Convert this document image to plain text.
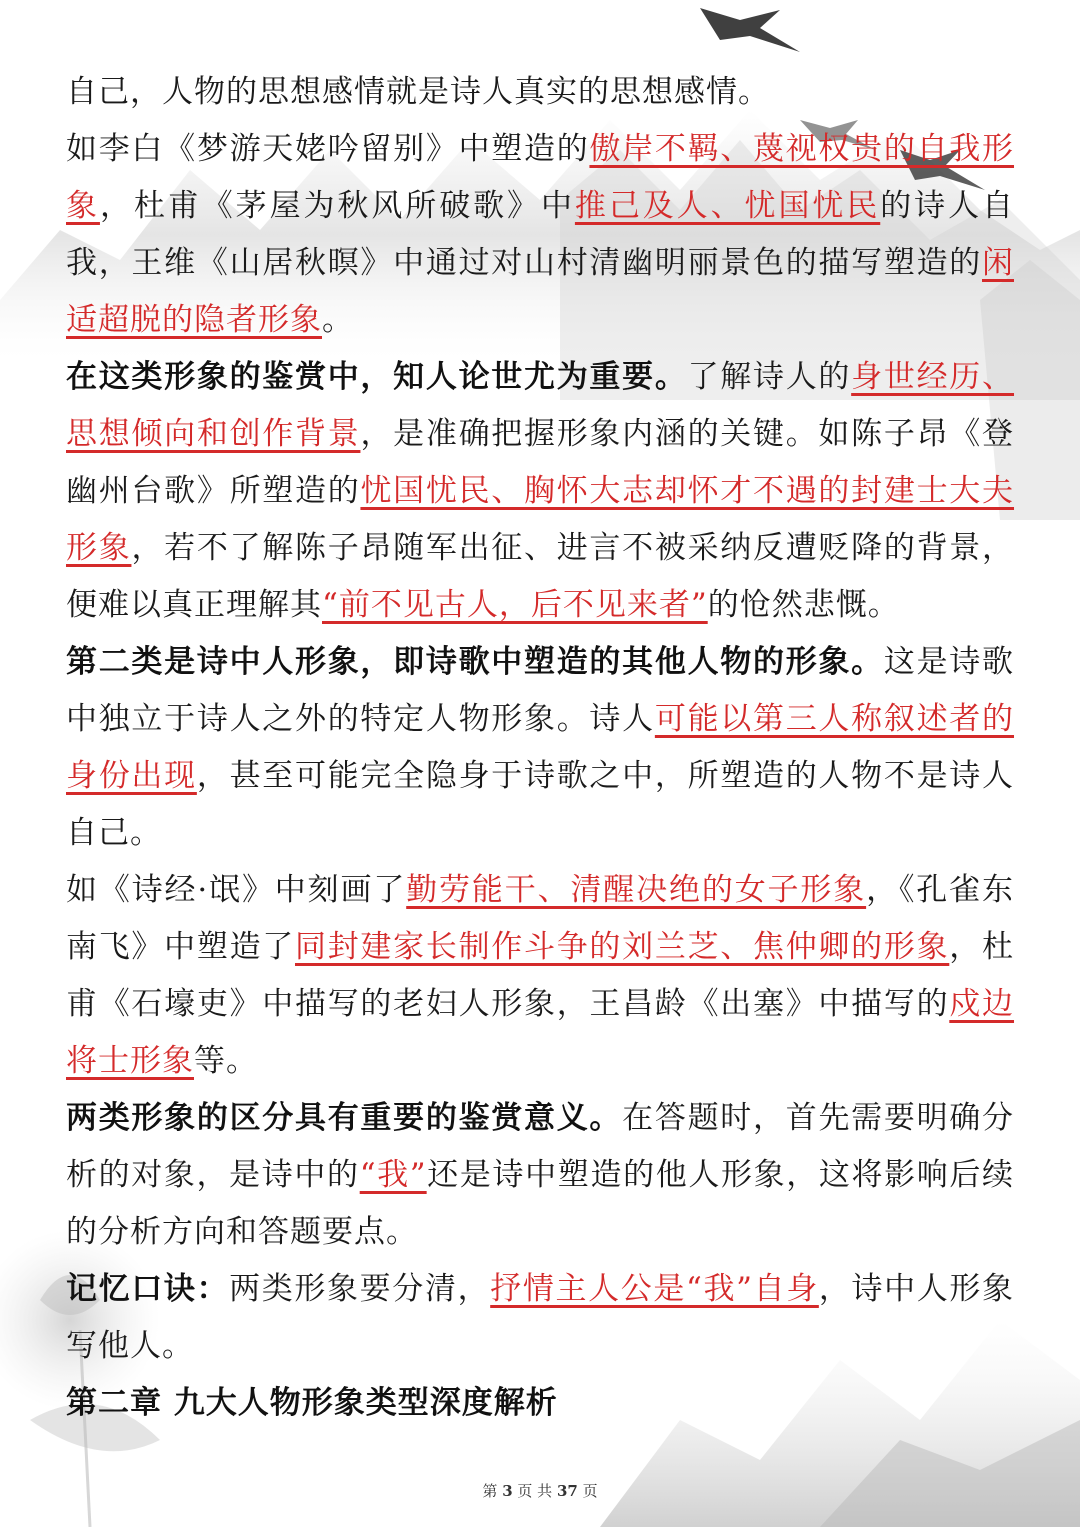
自己，人物的思想感情就是诗人真实的思想感情。

如李白《梦游天姥吟留别》中塑造的傲岸不羁、蔑视权贵的自我形象，杜甫《茅屋为秋风所破歌》中推己及人、忧国忧民的诗人自我，王维《山居秋暝》中通过对山村清幽明丽景色的描写塑造的闲适超脱的隐者形象。

在这类形象的鉴赏中，知人论世尤为重要。了解诗人的身世经历、思想倾向和创作背景，是准确把握形象内涵的关键。如陈子昂《登幽州台歌》所塑造的忧国忧民、胸怀大志却怀才不遇的封建士大夫形象，若不了解陈子昂随军出征、进言不被采纳反遭贬降的背景，便难以真正理解其“前不见古人，后不见来者”的怆然悲慨。

第二类是诗中人形象，即诗歌中塑造的其他人物的形象。这是诗歌中独立于诗人之外的特定人物形象。诗人可能以第三人称叙述者的身份出现，甚至可能完全隐身于诗歌之中，所塑造的人物不是诗人自己。

如《诗经·氓》中刻画了勤劳能干、清醒决绝的女子形象，《孔雀东南飞》中塑造了同封建家长制作斗争的刘兰芝、焦仲卿的形象，杜甫《石壕吏》中描写的老妇人形象，王昌龄《出塞》中描写的戍边将士形象等。

两类形象的区分具有重要的鉴赏意义。在答题时，首先需要明确分析的对象，是诗中的“我”还是诗中塑造的他人形象，这将影响后续的分析方向和答题要点。

记忆口诀：两类形象要分清，抒情主人公是“我”自身，诗中人形象写他人。

第二章 九大人物形象类型深度解析

第 3 页 共 37 页
